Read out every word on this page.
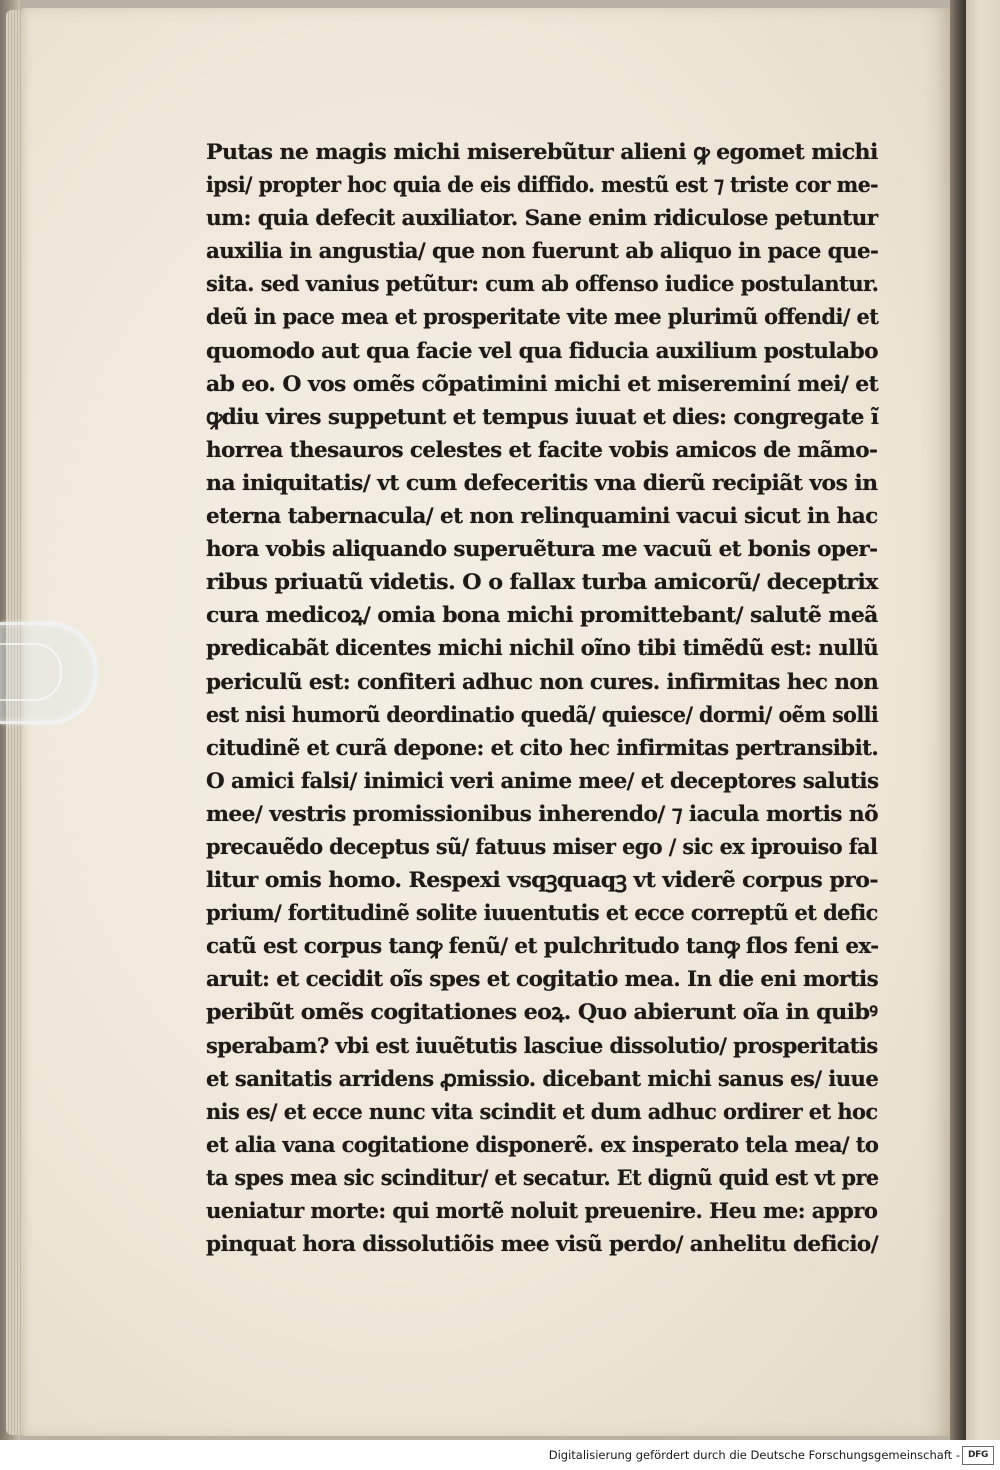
Putas ne magis michi miserebũtur alieni ꝙ egomet michi
ipsi/ propter hoc quia de eis diffido. mestũ est ⁊ triste cor me-
um: quia defecit auxiliator. Sane enim ridiculose petuntur
auxilia in angustia/ que non fuerunt ab aliquo in pace que-
sita. sed vanius petũtur: cum ab offenso iudice postulantur.
deũ in pace mea et prosperitate vite mee plurimũ offendi/ et
quomodo aut qua facie vel qua fiducia auxilium postulabo
ab eo. O vos omẽs cõpatimini michi et misereminí mei/ et
ꝙdiu vires suppetunt et tempus iuuat et dies: congregate ĩ
horrea thesauros celestes et facite vobis amicos de mãmo-
na iniquitatis/ vt cum defeceritis vna dierũ recipiãt vos in
eterna tabernacula/ et non relinquamini vacui sicut in hac
hora vobis aliquando superuẽtura me vacuũ et bonis oper-
ribus priuatũ videtis. O o fallax turba amicorũ/ deceptrix
cura medicoꝝ/ omia bona michi promittebant/ salutẽ meã
predicabãt dicentes michi nichil oĩno tibi timẽdũ est: nullũ
periculũ est: confiteri adhuc non cures. infirmitas hec non
est nisi humorũ deordinatio quedã/ quiesce/ dormi/ oẽm solli
citudinẽ et curã depone: et cito hec infirmitas pertransibit.
O amici falsi/ inimici veri anime mee/ et deceptores salutis
mee/ vestris promissionibus inherendo/ ⁊ iacula mortis nõ
precauẽdo deceptus sũ/ fatuus miser ego / sic ex iprouiso fal
litur omis homo. Respexi vsqꝫquaqꝫ vt viderẽ corpus pro-
prium/ fortitudinẽ solite iuuentutis et ecce correptũ et defic
catũ est corpus tanꝙ fenũ/ et pulchritudo tanꝙ flos feni ex-
aruit: et cecidit oĩs spes et cogitatio mea. In die eni mortis
peribũt omẽs cogitationes eoꝝ. Quo abierunt oĩa in quibꝰ
sperabam? vbi est iuuẽtutis lasciue dissolutio/ prosperitatis
et sanitatis arridens ꝓmissio. dicebant michi sanus es/ iuue
nis es/ et ecce nunc vita scindit et dum adhuc ordirer et hoc
et alia vana cogitatione disponerẽ. ex insperato tela mea/ to
ta spes mea sic scinditur/ et secatur. Et dignũ quid est vt pre
ueniatur morte: qui mortẽ noluit preuenire. Heu me: appro
pinquat hora dissolutiõis mee visũ perdo/ anhelitu deficio/
Digitalisierung gefördert durch die Deutsche Forschungsgemeinschaft - DFG
